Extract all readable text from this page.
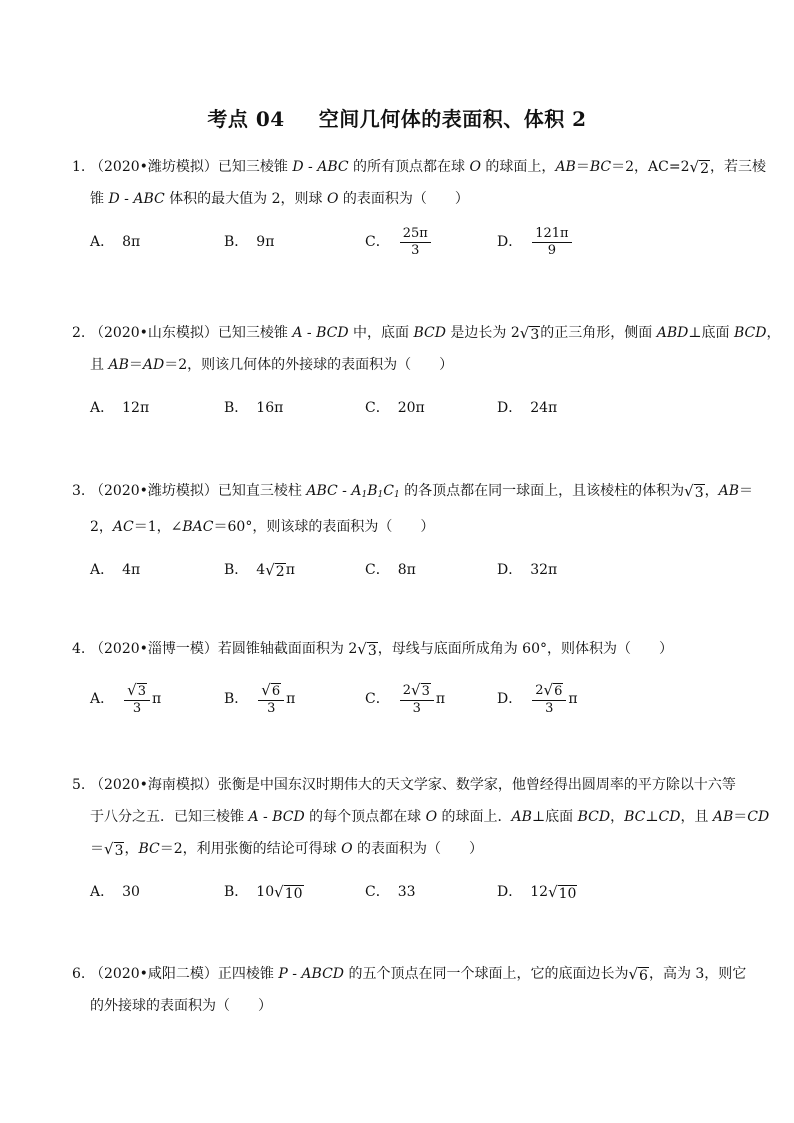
考点 04 空间几何体的表面积、体积 2
1. （2020•潍坊模拟）已知三棱锥 D - ABC 的所有顶点都在球 O 的球面上，AB＝BC＝2，AC=2 √ 2 ，若三棱
锥 D - ABC 体积的最大值为 2，则球 O 的表面积为（　　）
A． 8π	B． 9π	C． $\frac{25\pi}{3}$	D． $\frac{121\pi}{9}$
2. （2020•山东模拟）已知三棱锥 A - BCD 中，底面 BCD 是边长为 2 √ 3 的正三角形，侧面 ABD⊥底面 BCD，
且 AB＝AD＝2，则该几何体的外接球的表面积为（　　）
A． 12π	B． 16π	C． 20π	D． 24π
3. （2020•潍坊模拟）已知直三棱柱 ABC - $A_1B_1C_1$ 的各顶点都在同一球面上，且该棱柱的体积为 √ 3 ，AB＝
2，AC＝1，∠BAC＝60°，则该球的表面积为（　　）
A． 4π	B． 4 √ 2 π	C． 8π	D． 32π
4. （2020•淄博一模）若圆锥轴截面面积为 2 √ 3 ，母线与底面所成角为 60°，则体积为（　　）
A． $\frac{√ 3}{3}$ π	B． $\frac{√ 6}{3}$ π	C． $\frac{2 √ 3}{3}$ π	D． $\frac{2 √ 6}{3}$ π
5. （2020•海南模拟）张衡是中国东汉时期伟大的天文学家、数学家，他曾经得出圆周率的平方除以十六等
于八分之五．已知三棱锥 A - BCD 的每个顶点都在球 O 的球面上．AB⊥底面 BCD，BC⊥CD，且 AB＝CD
＝ √ 3 ，BC＝2，利用张衡的结论可得球 O 的表面积为（　　）
A． 30	B． 10 √ 10	C． 33	D． 12 √ 10
6. （2020•咸阳二模）正四棱锥 P - ABCD 的五个顶点在同一个球面上，它的底面边长为 √ 6 ，高为 3，则它
的外接球的表面积为（　　）
